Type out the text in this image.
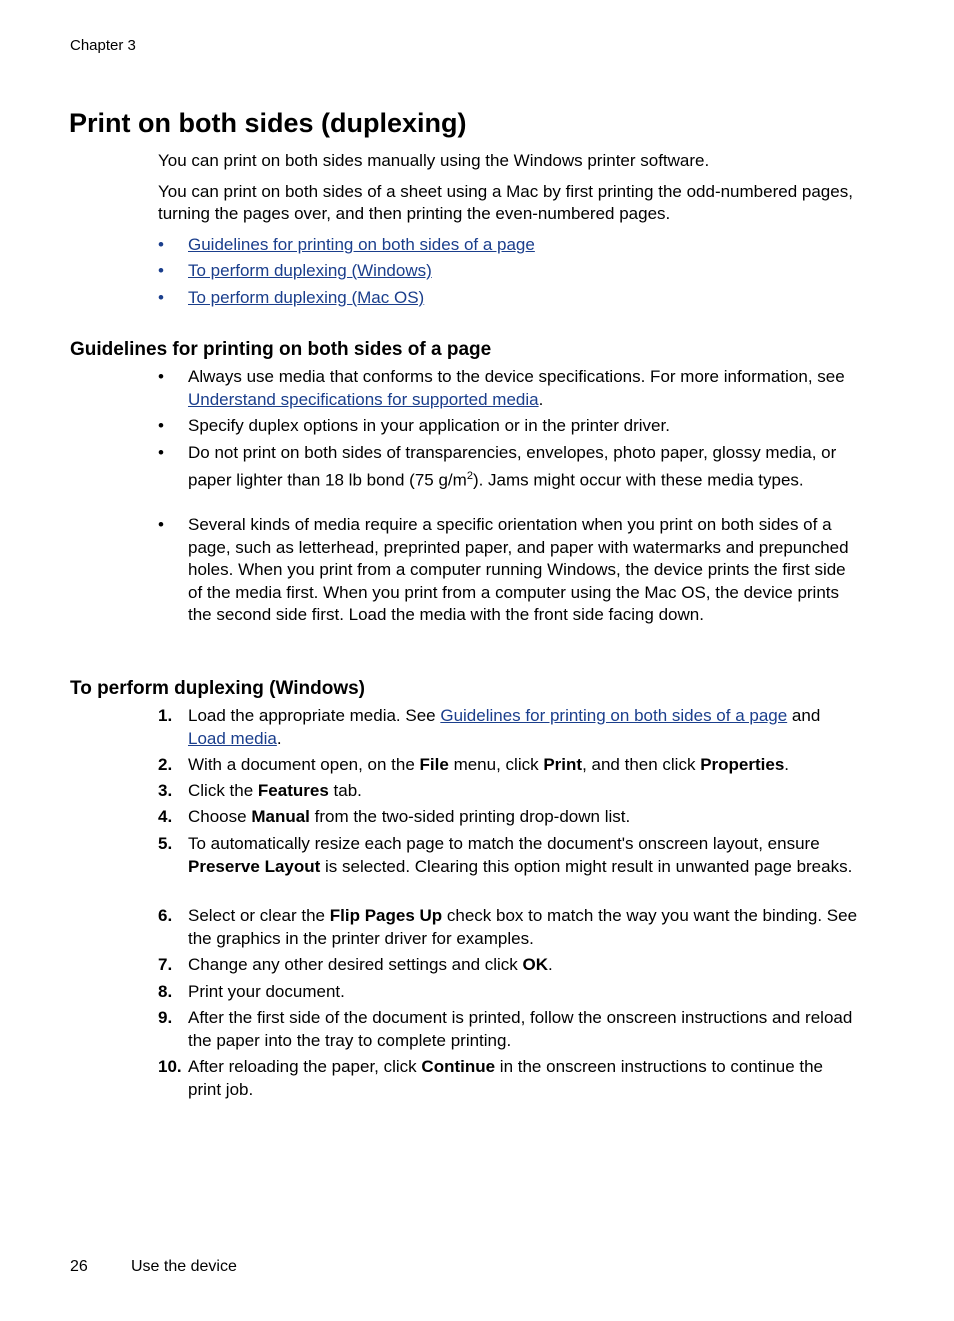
Chapter 3
Print on both sides (duplexing)

You can print on both sides manually using the Windows printer software.

You can print on both sides of a sheet using a Mac by first printing the odd-numbered pages, turning the pages over, and then printing the even-numbered pages.

• Guidelines for printing on both sides of a page
• To perform duplexing (Windows)
• To perform duplexing (Mac OS)
Guidelines for printing on both sides of a page
• Always use media that conforms to the device specifications. For more information, see Understand specifications for supported media.
• Specify duplex options in your application or in the printer driver.
• Do not print on both sides of transparencies, envelopes, photo paper, glossy media, or paper lighter than 18 lb bond (75 $g/m^2$). Jams might occur with these media types.
• Several kinds of media require a specific orientation when you print on both sides of a page, such as letterhead, preprinted paper, and paper with watermarks and prepunched holes. When you print from a computer running Windows, the device prints the first side of the media first. When you print from a computer using the Mac OS, the device prints the second side first. Load the media with the front side facing down.
To perform duplexing (Windows)
1. Load the appropriate media. See Guidelines for printing on both sides of a page and Load media.
2. With a document open, on the File menu, click Print, and then click Properties.
3. Click the Features tab.
4. Choose Manual from the two-sided printing drop-down list.
5. To automatically resize each page to match the document's onscreen layout, ensure Preserve Layout is selected. Clearing this option might result in unwanted page breaks.
6. Select or clear the Flip Pages Up check box to match the way you want the binding. See the graphics in the printer driver for examples.
7. Change any other desired settings and click OK.
8. Print your document.
9. After the first side of the document is printed, follow the onscreen instructions and reload the paper into the tray to complete printing.
10. After reloading the paper, click Continue in the onscreen instructions to continue the print job.
26	Use the device
